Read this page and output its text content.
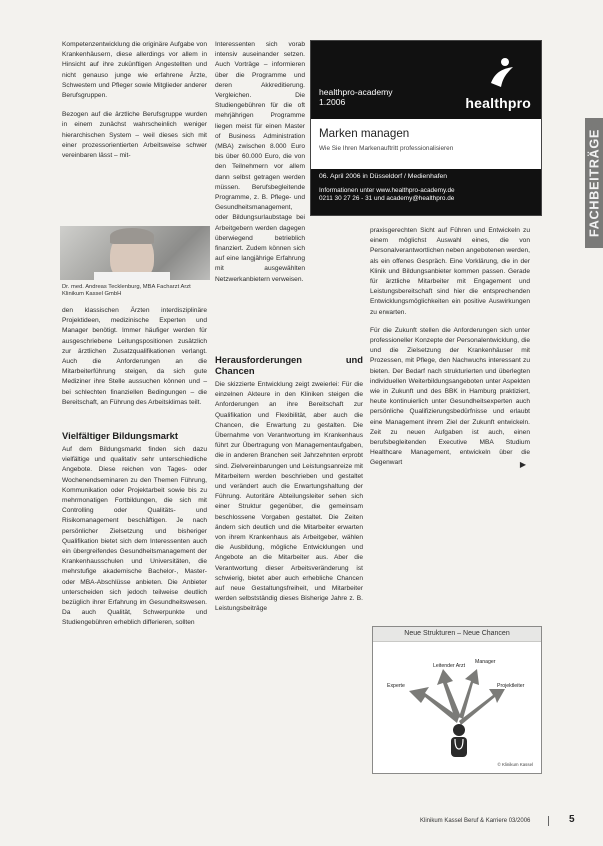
Kompetenzentwicklung die originäre Aufgabe von Krankenhäusern, diese allerdings vor allem in Hinsicht auf ihre zukünftigen Angestellten und nicht genauso junge wie erfahrene Ärzte, Schwestern und Pfleger sowie Mitglieder anderer Berufsgruppen.

Bezogen auf die ärztliche Berufsgruppe wurden in einem zunächst wahrscheinlich weniger hierarchischen System – weil dieses sich mit einer prozessorientierten Arbeitsweise schwer vereinbaren lässt – mit-

Dr. med. Andreas Tecklenburg, MBA Facharzt Arzt Klinikum Kassel GmbH

den klassischen Ärzten interdisziplinäre Projektideen, medizinische Experten und Manager benötigt. Immer häufiger werden für ausgeschriebene Leitungspositionen zusätzlich zur ärztlichen Zusatzqualifikationen verlangt. Auch die Anforderungen an die Mitarbeiterführung steigen, da sich gute Mediziner ihre Stelle aussuchen können und – bei schlechten finanziellen Bedingungen – die Bereitschaft, an Führung des Arbeitsklimas teilt.

Vielfältiger Bildungsmarkt

Auf dem Bildungsmarkt finden sich dazu vielfältige und qualitativ sehr unterschiedliche Angebote. Diese reichen von Tages- oder Wochenendseminaren zu den Themen Führung, Kommunikation oder Projektarbeit sowie bis zu mehrmonatigen Fortbildungen, die sich mit Controlling oder Qualitäts- und Risikomanagement beschäftigen. Je nach persönlicher Zielsetzung und bisheriger Qualifikation bietet sich dem Interessenten auch ein übergreifendes Gesundheitsmanagement der Krankenhausschulen und Universitäten, die mehrstufige akademische Bachelor-, Master- oder MBA-Abschlüsse anbieten. Die Anbieter unterscheiden sich jedoch teilweise deutlich bezüglich ihrer Erfahrung im Gesundheitswesen. Da auch Qualität, Schwerpunkte und Studiengebühren erheblich differieren, sollten

Interessenten sich vorab intensiv auseinander setzen. Auch Vorträge – informieren über die Programme und deren Akkreditierung. Vergleichen. Die Studiengebühren für die oft mehrjährigen Programme liegen meist für einen Master of Business Administration (MBA) zwischen 8.000 Euro bis über 60.000 Euro, die von den Teilnehmern vor allem dann selbst getragen werden müssen. Berufsbegleitende Programme, z. B. Pflege- und Gesundheitsmanagement, oder Bildungsurlaubstage bei Arbeitgebern werden dagegen überwiegend betrieblich finanziert. Zudem können sich auf eine langjährige Erfahrung mit ausgewählten Netzwerkanbietern verweisen.

Herausforderungen und Chancen

Die skizzierte Entwicklung zeigt zweierlei: Für die einzelnen Akteure in den Kliniken steigen die Anforderungen an ihre Bereitschaft zur Qualifikation und Flexibilität, aber auch die Chancen, die Erwartung zu gestalten. Die Übernahme von Verantwortung im Krankenhaus führt zur Übertragung von Managementaufgaben, die in anderen Branchen seit Jahrzehnten erprobt sind. Zielvereinbarungen und Leistungsanreize mit Mitarbeitern werden beschrieben und gestaltet und verändert auch die Erwartungshaltung der Führung. Autoritäre Abteilungsleiter sehen sich einer Struktur gegenüber, die gemeinsam beschlossene Vorgaben gestaltet. Die Zeiten ändern sich deutlich und die Mitarbeiter erwarten von ihrem Krankenhaus als Arbeitgeber, wählen die Ausbildung, mögliche Entwicklungen und Angebote an die Mitarbeiter aus. Aber die Verantwortung dieser Arbeitsveränderung ist schwierig, bietet aber auch erhebliche Chancen auf neue Gestaltungsfreiheit, und Mitarbeiter werden selbstständig dieses Bisherige Jahre z. B. Leistungsbeiträge

healthpro-academy
1.2006	healthpro
Marken managen
Wie Sie Ihren Markenauftritt professionalisieren
06. April 2006 in Düsseldorf / Medienhafen
Informationen unter www.healthpro-academy.de
0211 30 27 26 - 31 und academy@healthpro.de	FACHBEITRÄGE

praxisgerechten Sicht auf Führen und Entwickeln zu einem möglichst Auswahl eines, die von Personalverantwortlichen neben angebotenen werden, als ein offenes Gespräch. Eine Vorklärung, die in der Klinik und Bildungsanbieter kommen passen. Gerade für ärztliche Mitarbeiter mit Engagement und Leistungsbereitschaft sind hier die entsprechenden Entwicklungsmöglichkeiten ein positive Auswirkungen zu erwarten.

Für die Zukunft stellen die Anforderungen sich unter professioneller Konzepte der Personalentwicklung, die und die Zielsetzung der Krankenhäuser mit Prozessen, mit Pflege, den Nachwuchs interessant zu bieten. Der Bedarf nach strukturierten und überlegten individuellen Weiterbildungsangeboten unter Aspekten wie in Zukunft und des BBK in Hamburg praktiziert, heute kontinuierlich unter Gesundheitsexperten auch persönliche Qualifizierungsbedürfnisse und erlaubt eine Management ihrem Ziel der Zukunft entwickeln. Zeit zu neuen Aufgaben ist auch, einen berufsbegleitenden Executive MBA Studium Healthcare Management, entwickeln über die Gegenwart	▶
Neue Strukturen – Neue Chancen
Leitender Arzt
Manager
Experte	Projektleiter
© Klinikum Kassel
Klinikum Kassel Beruf & Karriere 03/2006	5
